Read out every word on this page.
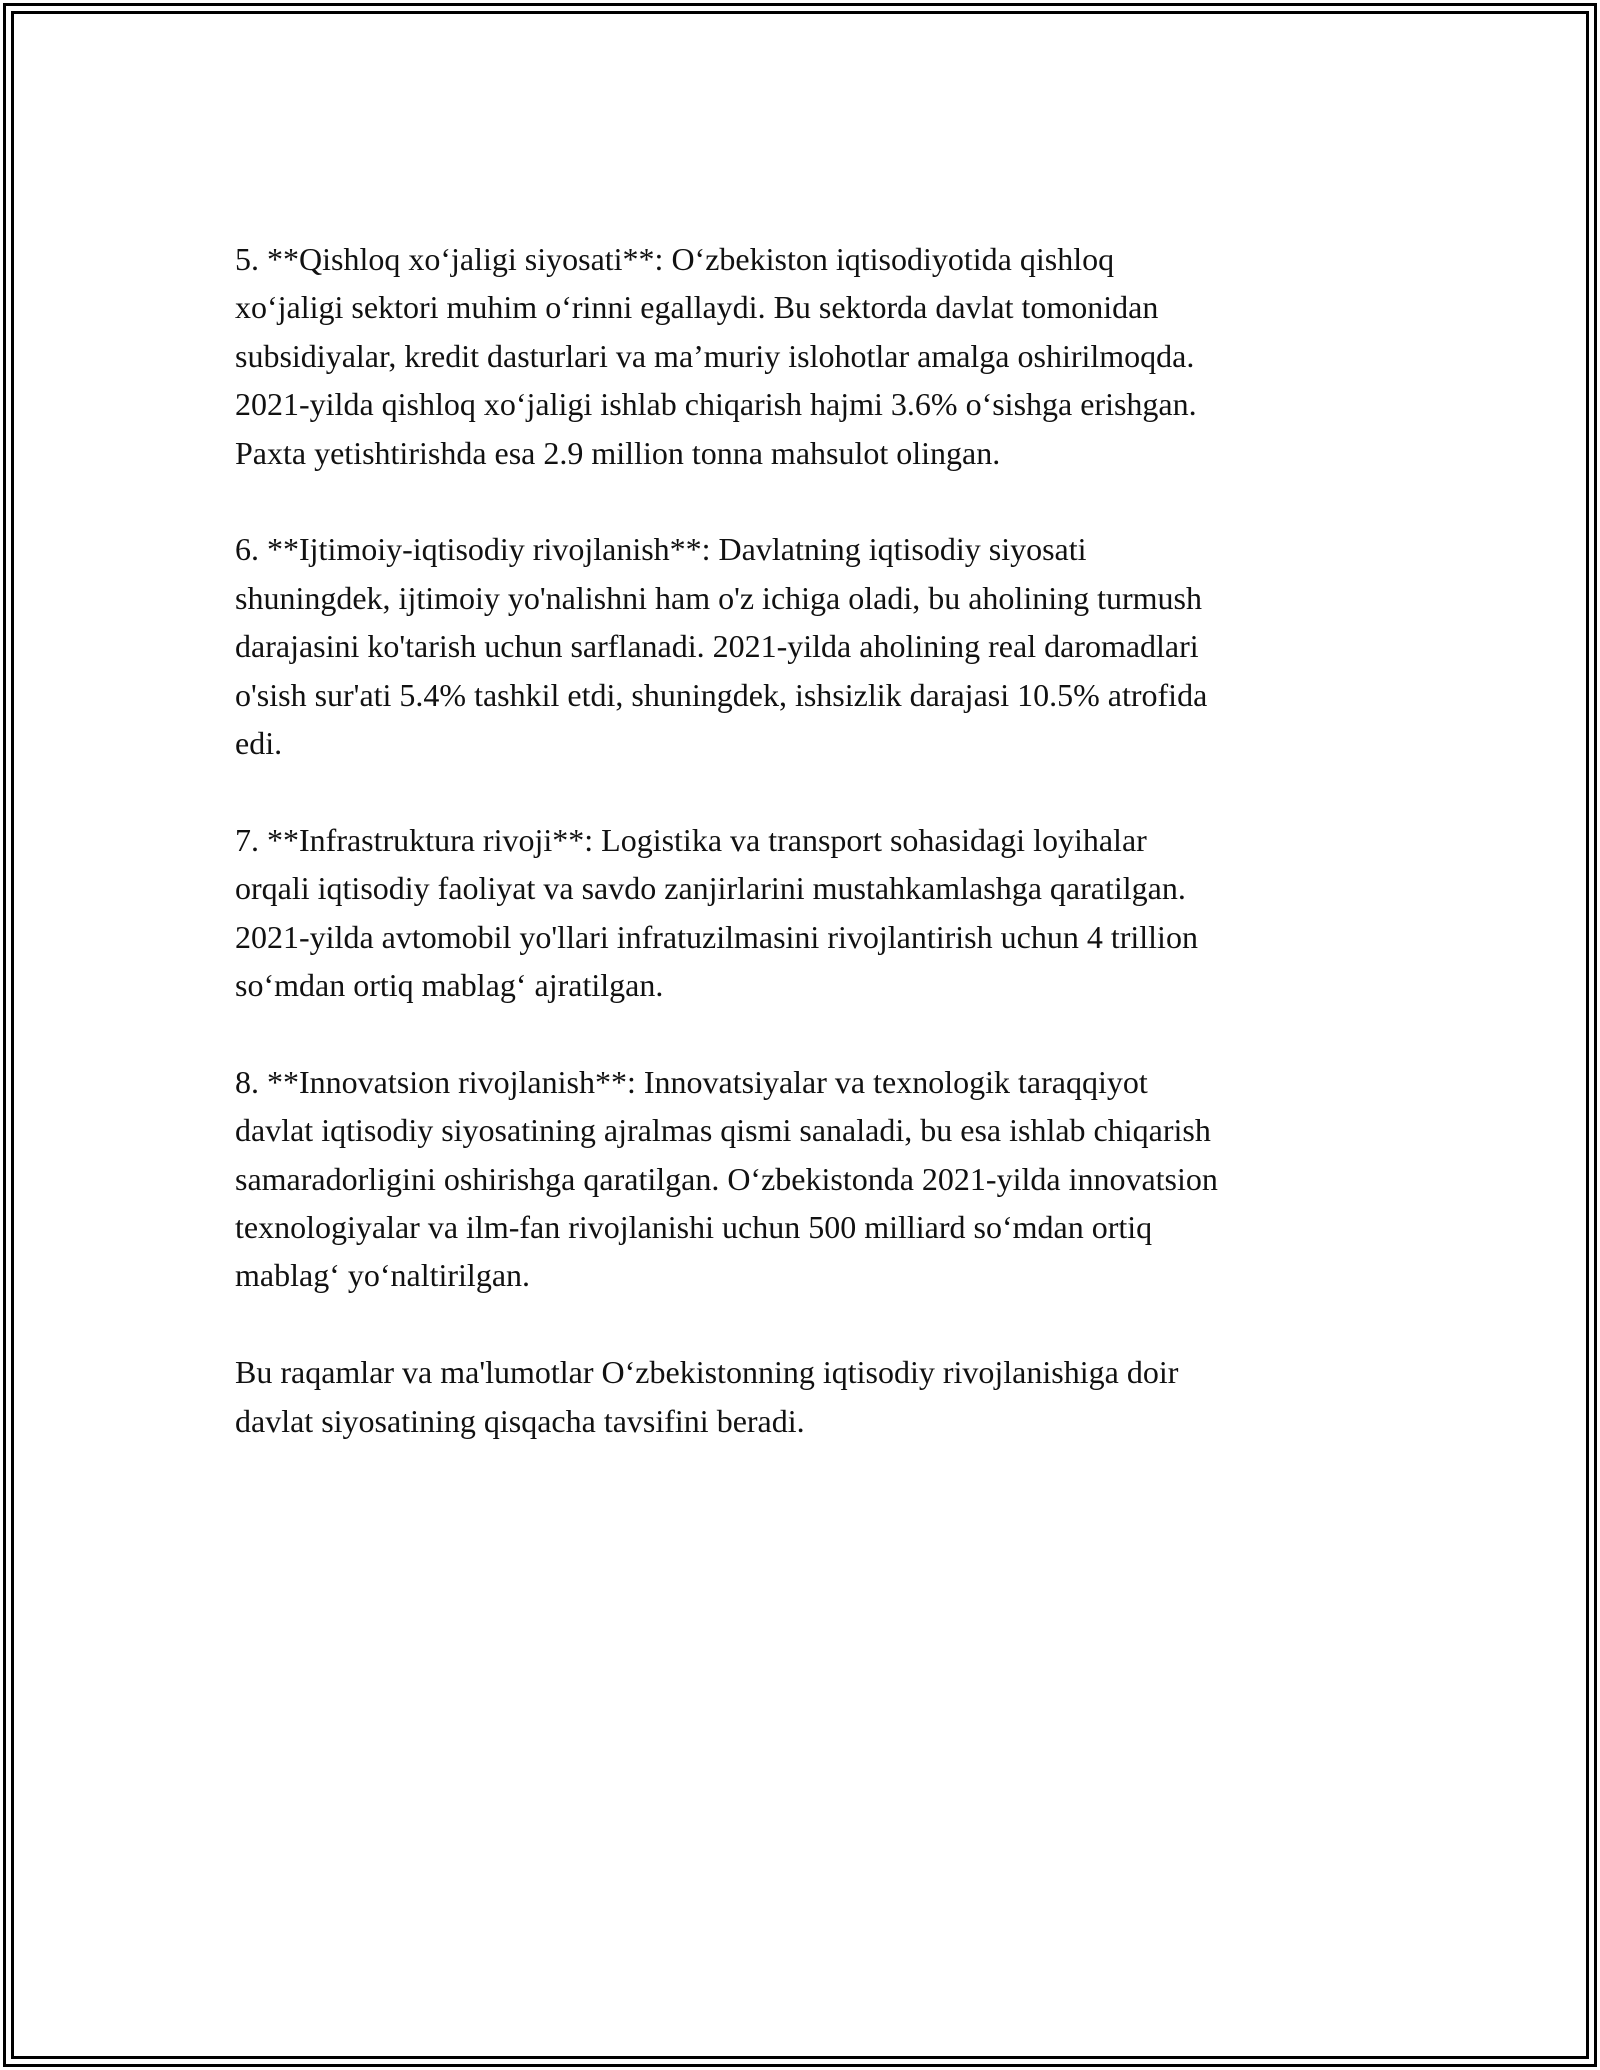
5. **Qishloq xo‘jaligi siyosati**: O‘zbekiston iqtisodiyotida qishloq
xo‘jaligi sektori muhim o‘rinni egallaydi. Bu sektorda davlat tomonidan
subsidiyalar, kredit dasturlari va ma’muriy islohotlar amalga oshirilmoqda.
2021-yilda qishloq xo‘jaligi ishlab chiqarish hajmi 3.6% o‘sishga erishgan.
Paxta yetishtirishda esa 2.9 million tonna mahsulot olingan.

6. **Ijtimoiy-iqtisodiy rivojlanish**: Davlatning iqtisodiy siyosati
shuningdek, ijtimoiy yo'nalishni ham o'z ichiga oladi, bu aholining turmush
darajasini ko'tarish uchun sarflanadi. 2021-yilda aholining real daromadlari
o'sish sur'ati 5.4% tashkil etdi, shuningdek, ishsizlik darajasi 10.5% atrofida
edi.

7. **Infrastruktura rivoji**: Logistika va transport sohasidagi loyihalar
orqali iqtisodiy faoliyat va savdo zanjirlarini mustahkamlashga qaratilgan.
2021-yilda avtomobil yo'llari infratuzilmasini rivojlantirish uchun 4 trillion
so‘mdan ortiq mablag‘ ajratilgan.

8. **Innovatsion rivojlanish**: Innovatsiyalar va texnologik taraqqiyot
davlat iqtisodiy siyosatining ajralmas qismi sanaladi, bu esa ishlab chiqarish
samaradorligini oshirishga qaratilgan. O‘zbekistonda 2021-yilda innovatsion
texnologiyalar va ilm-fan rivojlanishi uchun 500 milliard so‘mdan ortiq
mablag‘ yo‘naltirilgan.

Bu raqamlar va ma'lumotlar O‘zbekistonning iqtisodiy rivojlanishiga doir
davlat siyosatining qisqacha tavsifini beradi.
